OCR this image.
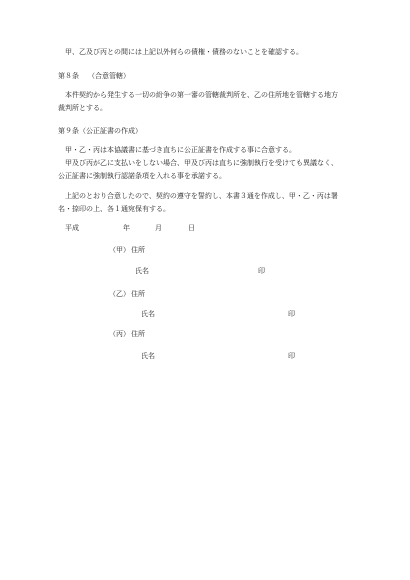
甲、乙及び丙との間には上記以外何らの債権・債務のないことを確認する。
第８条 （合意管轄）
本件契約から発生する一切の紛争の第一審の管轄裁判所を、乙の住所地を管轄する地方
裁判所とする。
第９条（公正証書の作成）
甲・乙・丙は本協議書に基づき直ちに公正証書を作成する事に合意する。
甲及び丙が乙に支払いをしない場合、甲及び丙は直ちに強制執行を受けても異議なく、
公正証書に強制執行認諾条項を入れる事を承諾する。
上記のとおり合意したので、契約の遵守を誓約し、本書３通を作成し、甲・乙・丙は署
名・捺印の上、各１通宛保有する。
平成	年	月	日
（甲） 住所
氏名	印
（乙） 住所
氏名	印
（丙） 住所
氏名	印
